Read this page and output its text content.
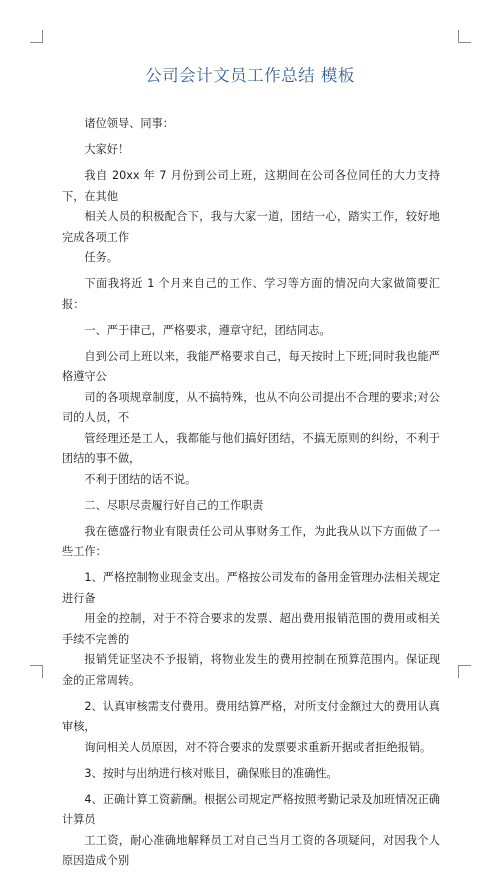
公司会计文员工作总结 模板
诸位领导、同事：
大家好！
我自 20xx 年 7 月份到公司上班，这期间在公司各位同任的大力支持下，在其他
相关人员的积极配合下，我与大家一道，团结一心，踏实工作，较好地完成各项工作
任务。
下面我将近 1 个月来自己的工作、学习等方面的情况向大家做简要汇报：
一、严于律己，严格要求，遵章守纪，团结同志。
自到公司上班以来，我能严格要求自己，每天按时上下班;同时我也能严格遵守公
司的各项规章制度，从不搞特殊，也从不向公司提出不合理的要求;对公司的人员，不
管经理还是工人，我都能与他们搞好团结，不搞无原则的纠纷，不利于团结的事不做，
不利于团结的话不说。
二、尽职尽责履行好自己的工作职责
我在德盛行物业有限责任公司从事财务工作，为此我从以下方面做了一些工作：
1、严格控制物业现金支出。严格按公司发布的备用金管理办法相关规定进行备
用金的控制，对于不符合要求的发票、超出费用报销范围的费用或相关手续不完善的
报销凭证坚决不予报销，将物业发生的费用控制在预算范围内。保证现金的正常周转。
2、认真审核需支付费用。费用结算严格，对所支付金额过大的费用认真审核，
询问相关人员原因，对不符合要求的发票要求重新开据或者拒绝报销。
3、按时与出纳进行核对账目，确保账目的准确性。
4、正确计算工资薪酬。根据公司规定严格按照考勤记录及加班情况正确计算员
工工资，耐心准确地解释员工对自己当月工资的各项疑问，对因我个人原因造成个别
